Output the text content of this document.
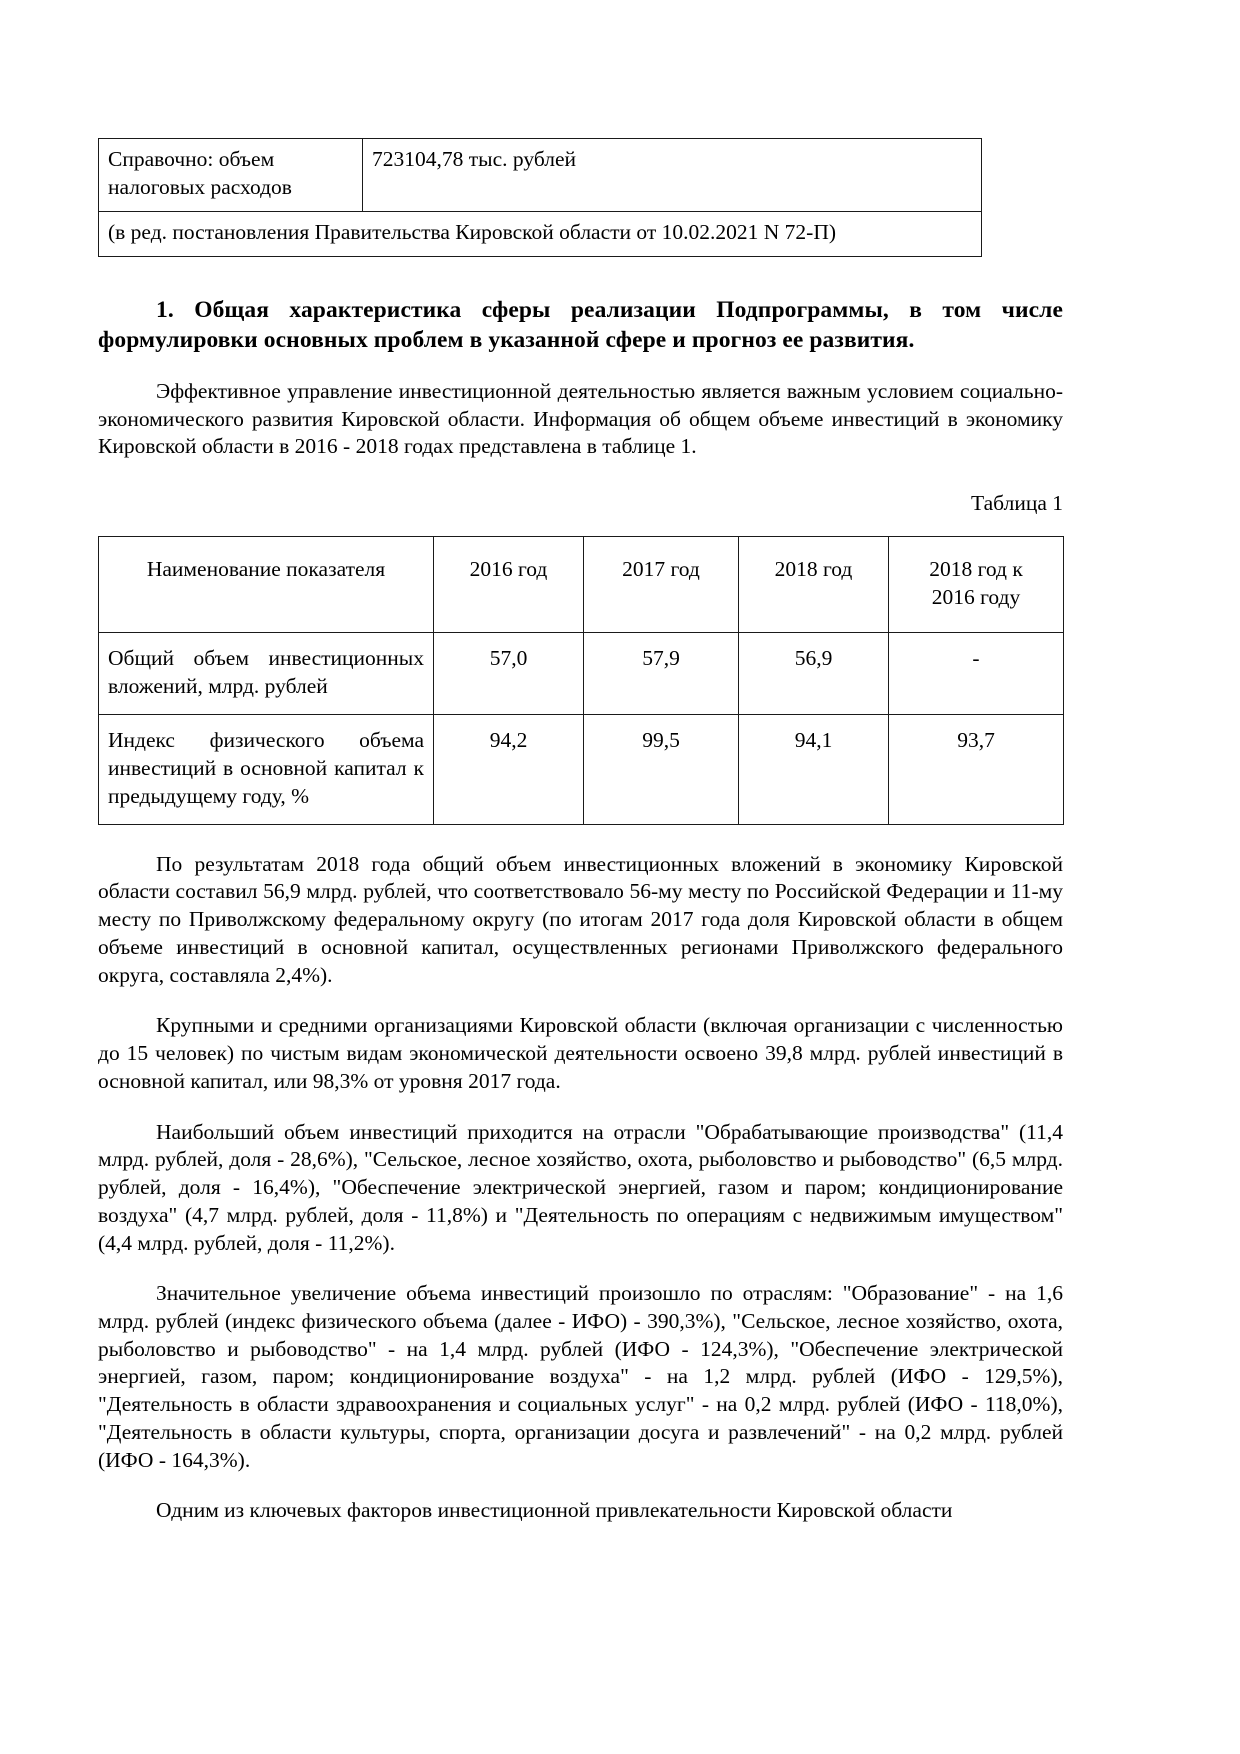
Справочно: объем налоговых расходов	723104,78 тыс. рублей
(в ред. постановления Правительства Кировской области от 10.02.2021 N 72-П)
1. Общая характеристика сферы реализации Подпрограммы, в том числе
формулировки основных проблем в указанной сфере и прогноз ее развития.

Эффективное управление инвестиционной деятельностью является важным условием социально-экономического развития Кировской области. Информация об общем объеме инвестиций в экономику Кировской области в 2016 - 2018 годах представлена в таблице 1.

Таблица 1
Наименование показателя	2016 год	2017 год	2018 год	2018 год к
2016 году
Общий объем инвестиционных вложений, млрд. рублей	57,0	57,9	56,9	-
Индекс физического объема инвестиций в основной капитал к предыдущему году, %	94,2	99,5	94,1	93,7

По результатам 2018 года общий объем инвестиционных вложений в экономику Кировской области составил 56,9 млрд. рублей, что соответствовало 56-му месту по Российской Федерации и 11-му месту по Приволжскому федеральному округу (по итогам 2017 года доля Кировской области в общем объеме инвестиций в основной капитал, осуществленных регионами Приволжского федерального округа, составляла 2,4%).

Крупными и средними организациями Кировской области (включая организации с численностью до 15 человек) по чистым видам экономической деятельности освоено 39,8 млрд. рублей инвестиций в основной капитал, или 98,3% от уровня 2017 года.

Наибольший объем инвестиций приходится на отрасли "Обрабатывающие производства" (11,4 млрд. рублей, доля - 28,6%), "Сельское, лесное хозяйство, охота, рыболовство и рыбоводство" (6,5 млрд. рублей, доля - 16,4%), "Обеспечение электрической энергией, газом и паром; кондиционирование воздуха" (4,7 млрд. рублей, доля - 11,8%) и "Деятельность по операциям с недвижимым имуществом" (4,4 млрд. рублей, доля - 11,2%).

Значительное увеличение объема инвестиций произошло по отраслям: "Образование" - на 1,6 млрд. рублей (индекс физического объема (далее - ИФО) - 390,3%), "Сельское, лесное хозяйство, охота, рыболовство и рыбоводство" - на 1,4 млрд. рублей (ИФО - 124,3%), "Обеспечение электрической энергией, газом, паром; кондиционирование воздуха" - на 1,2 млрд. рублей (ИФО - 129,5%), "Деятельность в области здравоохранения и социальных услуг" - на 0,2 млрд. рублей (ИФО - 118,0%), "Деятельность в области культуры, спорта, организации досуга и развлечений" - на 0,2 млрд. рублей (ИФО - 164,3%).

Одним из ключевых факторов инвестиционной привлекательности Кировской области
